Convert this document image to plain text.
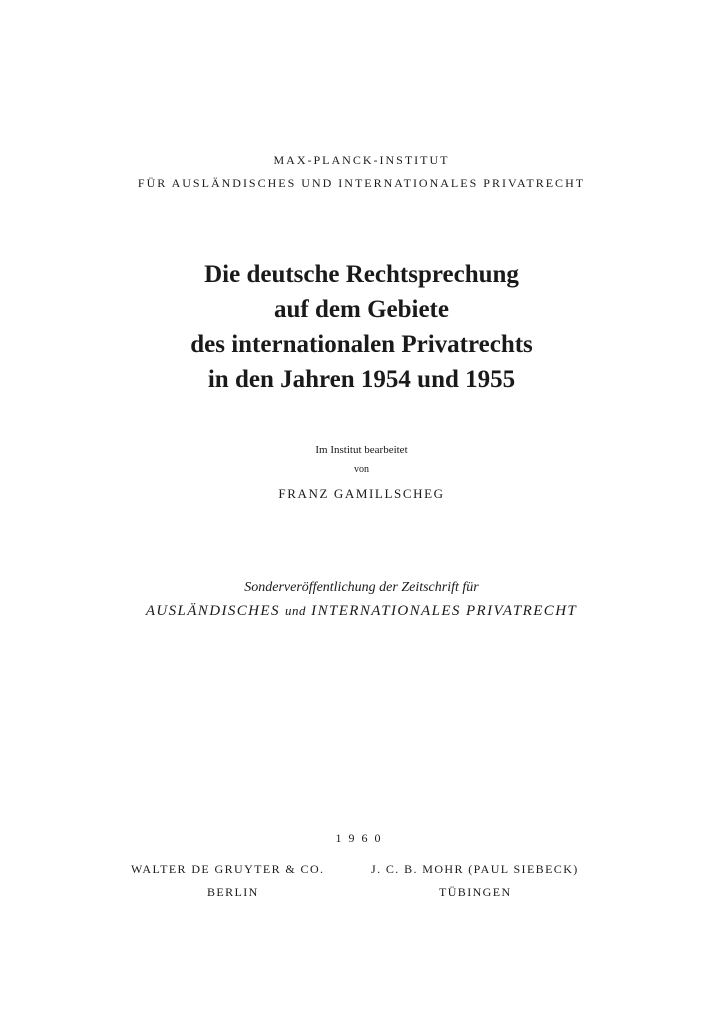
MAX-PLANCK-INSTITUT
FÜR AUSLÄNDISCHES UND INTERNATIONALES PRIVATRECHT
Die deutsche Rechtsprechung
auf dem Gebiete
des internationalen Privatrechts
in den Jahren 1954 und 1955
Im Institut bearbeitet
von
FRANZ GAMILLSCHEG
Sonderveröffentlichung der Zeitschrift für
AUSLÄNDISCHES und INTERNATIONALES PRIVATRECHT
1960
WALTER DE GRUYTER & CO.
BERLIN
J. C. B. MOHR (PAUL SIEBECK)
TÜBINGEN
